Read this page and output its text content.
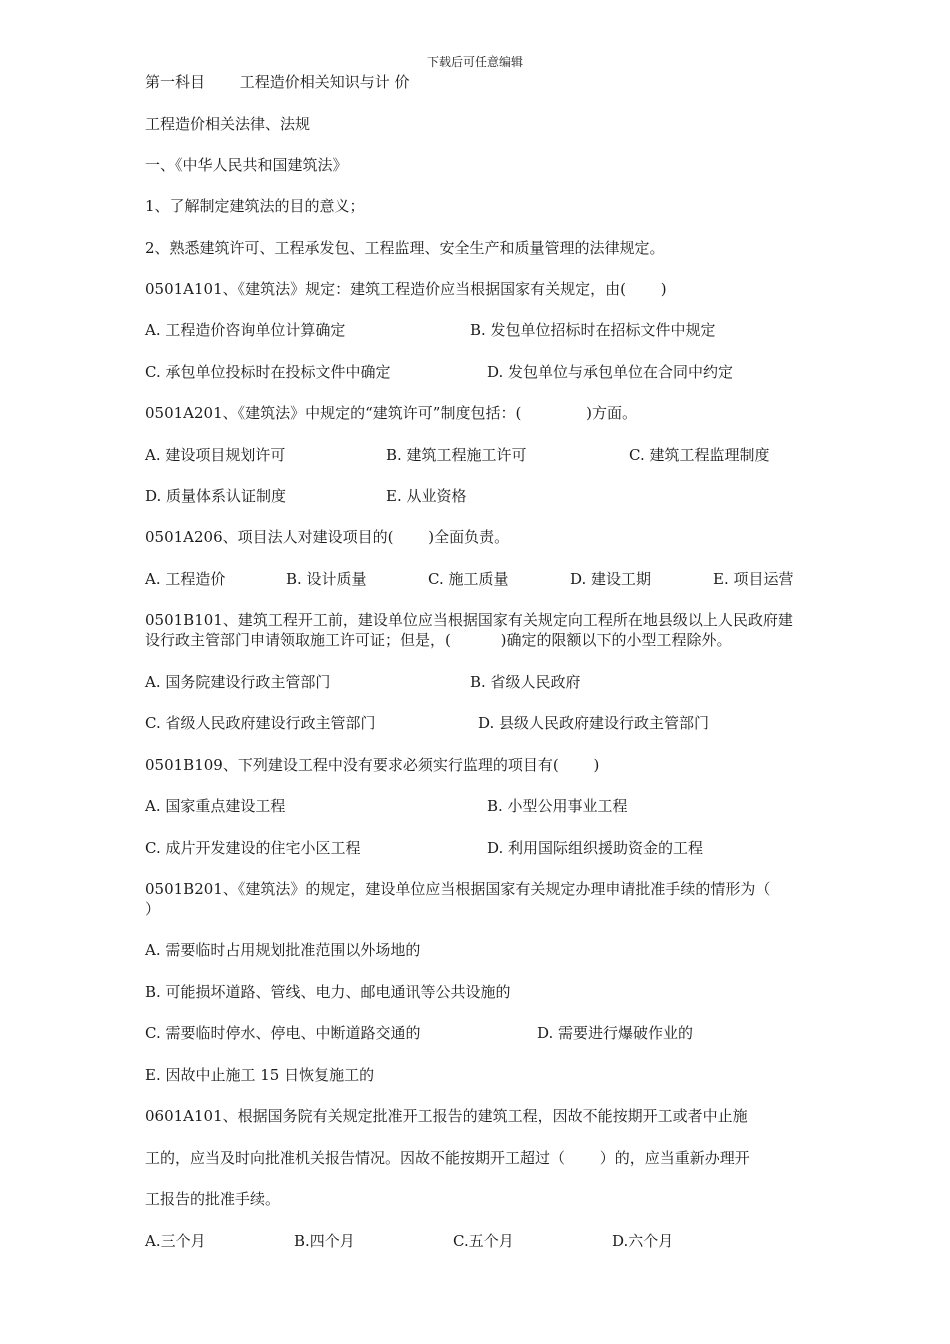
下载后可任意编辑
第一科目　　 工程造价相关知识与计 价
工程造价相关法律、法规
一、《中华人民共和国建筑法》
1、了解制定建筑法的目的意义；
2、熟悉建筑许可、工程承发包、工程监理、安全生产和质量管理的法律规定。
0501A101、《建筑法》规定：建筑工程造价应当根据国家有关规定，由(　　 )
A. 工程造价咨询单位计算确定	B. 发包单位招标时在招标文件中规定
C. 承包单位投标时在投标文件中确定	D. 发包单位与承包单位在合同中约定
0501A201、《建筑法》中规定的“建筑许可”制度包括：(　　　　 )方面。
A. 建设项目规划许可	B. 建筑工程施工许可	C. 建筑工程监理制度
D. 质量体系认证制度	E. 从业资格
0501A206、项目法人对建设项目的(　　 )全面负责。
A. 工程造价	B. 设计质量	C. 施工质量	D. 建设工期	E. 项目运营
0501B101、建筑工程开工前，建设单位应当根据国家有关规定向工程所在地县级以上人民政府建
设行政主管部门申请领取施工许可证；但是，(　　　 )确定的限额以下的小型工程除外。
A. 国务院建设行政主管部门	B. 省级人民政府
C. 省级人民政府建设行政主管部门	D. 县级人民政府建设行政主管部门
0501B109、下列建设工程中没有要求必须实行监理的项目有(　　 )
A. 国家重点建设工程	B. 小型公用事业工程
C. 成片开发建设的住宅小区工程	D. 利用国际组织援助资金的工程
0501B201、《建筑法》的规定，建设单位应当根据国家有关规定办理申请批准手续的情形为（
）
A. 需要临时占用规划批准范围以外场地的
B. 可能损坏道路、管线、电力、邮电通讯等公共设施的
C. 需要临时停水、停电、中断道路交通的	D. 需要进行爆破作业的
E. 因故中止施工 15 日恢复施工的
0601A101、根据国务院有关规定批准开工报告的建筑工程，因故不能按期开工或者中止施
工的，应当及时向批准机关报告情况。因故不能按期开工超过（　　 ）的，应当重新办理开
工报告的批准手续。
A.三个月	B.四个月	C.五个月	D.六个月
